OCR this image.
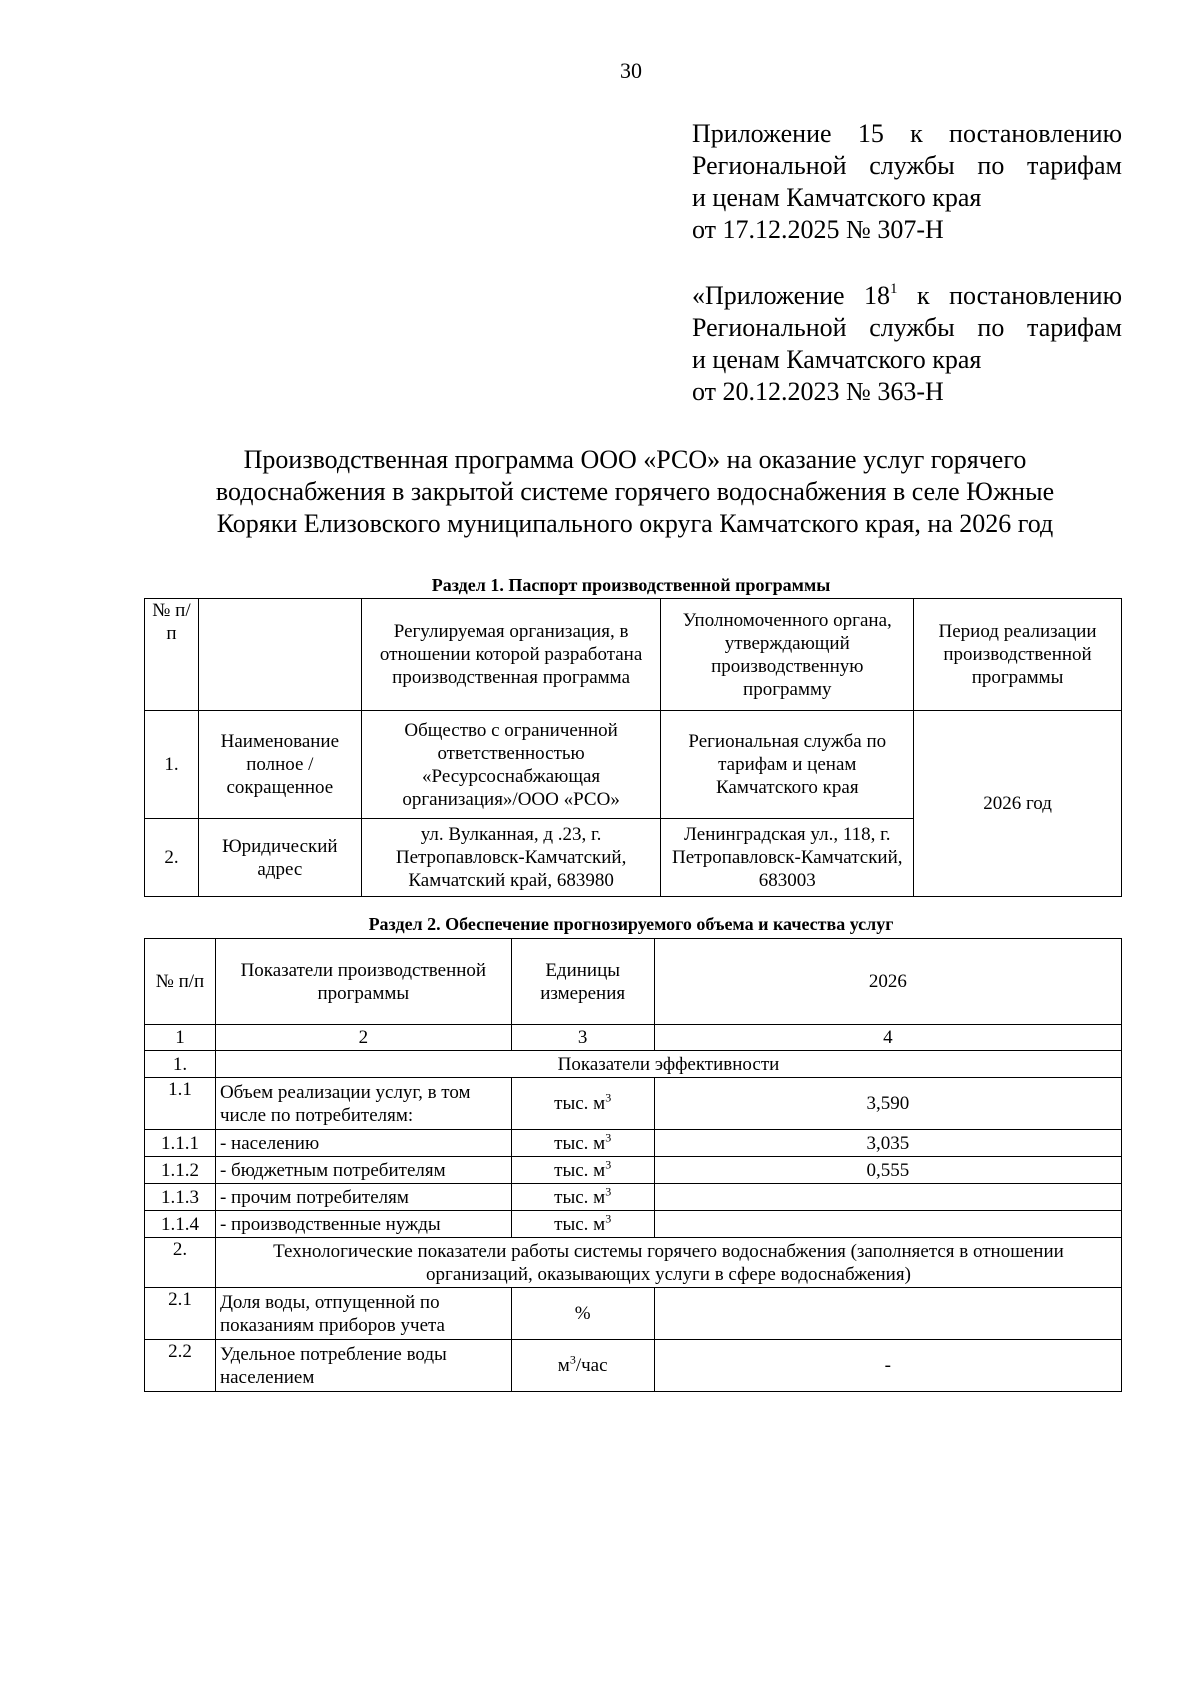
30
Приложение 15 к постановлению
Региональной службы по тарифам
и ценам Камчатского края
от 17.12.2025 № 307-Н
«Приложение $18^1$ к постановлению
Региональной службы по тарифам
и ценам Камчатского края
от 20.12.2023 № 363-Н
Производственная программа ООО «РСО» на оказание услуг горячего
водоснабжения в закрытой системе горячего водоснабжения в селе Южные
Коряки Елизовского муниципального округа Камчатского края, на 2026 год
Раздел 1. Паспорт производственной программы
№ п/п		Регулируемая организация, в отношении которой разработана производственная программа	Уполномоченного органа, утверждающий производственную программу	Период реализации производственной программы
1.	Наименование полное / сокращенное	Общество с ограниченной ответственностью «Ресурсоснабжающая организация»/ООО «РСО»	Региональная служба по тарифам и ценам Камчатского края	2026 год
2.	Юридический адрес	ул. Вулканная, д .23, г. Петропавловск-Камчатский, Камчатский край, 683980	Ленинградская ул., 118, г. Петропавловск-Камчатский, 683003	
Раздел 2. Обеспечение прогнозируемого объема и качества услуг
№ п/п	Показатели производственной программы	Единицы измерения	2026
1	2	3	4
1.	Показатели эффективности		
1.1	Объем реализации услуг, в том числе по потребителям:	тыс. $м^3$	3,590
1.1.1	- населению	тыс. $м^3$	3,035
1.1.2	- бюджетным потребителям	тыс. $м^3$	0,555
1.1.3	- прочим потребителям	тыс. $м^3$	
1.1.4	- производственные нужды	тыс. $м^3$	
2.	Технологические показатели работы системы горячего водоснабжения (заполняется в отношении организаций, оказывающих услуги в сфере водоснабжения)		
2.1	Доля воды, отпущенной по показаниям приборов учета	%	
2.2	Удельное потребление воды населением	$м^3$/час	-
